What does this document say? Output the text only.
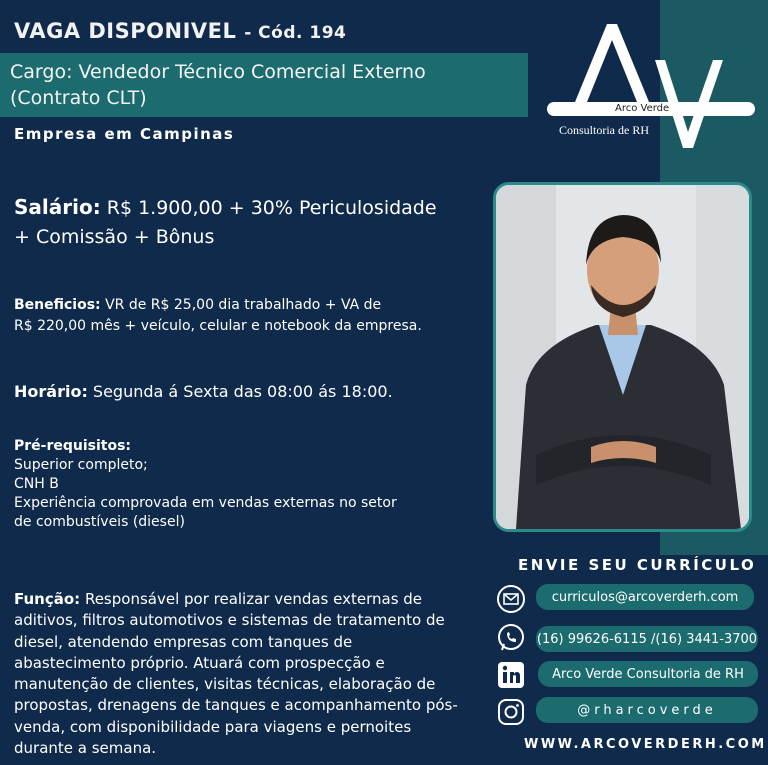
VAGA DISPONIVEL - Cód. 194
Cargo: Vendedor Técnico Comercial Externo
(Contrato CLT)
Empresa em Campinas
Arco Verde
Consultoria de RH
Salário: R$ 1.900,00 + 30% Periculosidade
+ Comissão + Bônus
Beneficios: VR de R$ 25,00 dia trabalhado + VA de
R$ 220,00 mês + veículo, celular e notebook da empresa.
Horário: Segunda á Sexta das 08:00 ás 18:00.
Pré-requisitos:
Superior completo;
CNH B
Experiência comprovada em vendas externas no setor
de combustíveis (diesel)
Função: Responsável por realizar vendas externas de
aditivos, filtros automotivos e sistemas de tratamento de
diesel, atendendo empresas com tanques de
abastecimento próprio. Atuará com prospecção e
manutenção de clientes, visitas técnicas, elaboração de
propostas, drenagens de tanques e acompanhamento pós-
venda, com disponibilidade para viagens e pernoites
durante a semana.
ENVIE SEU CURRÍCULO
curriculos@arcoverderh.com
(16) 99626-6115 /(16) 3441-3700
Arco Verde Consultoria de RH
@rharcoverde
WWW.ARCOVERDERH.COM
